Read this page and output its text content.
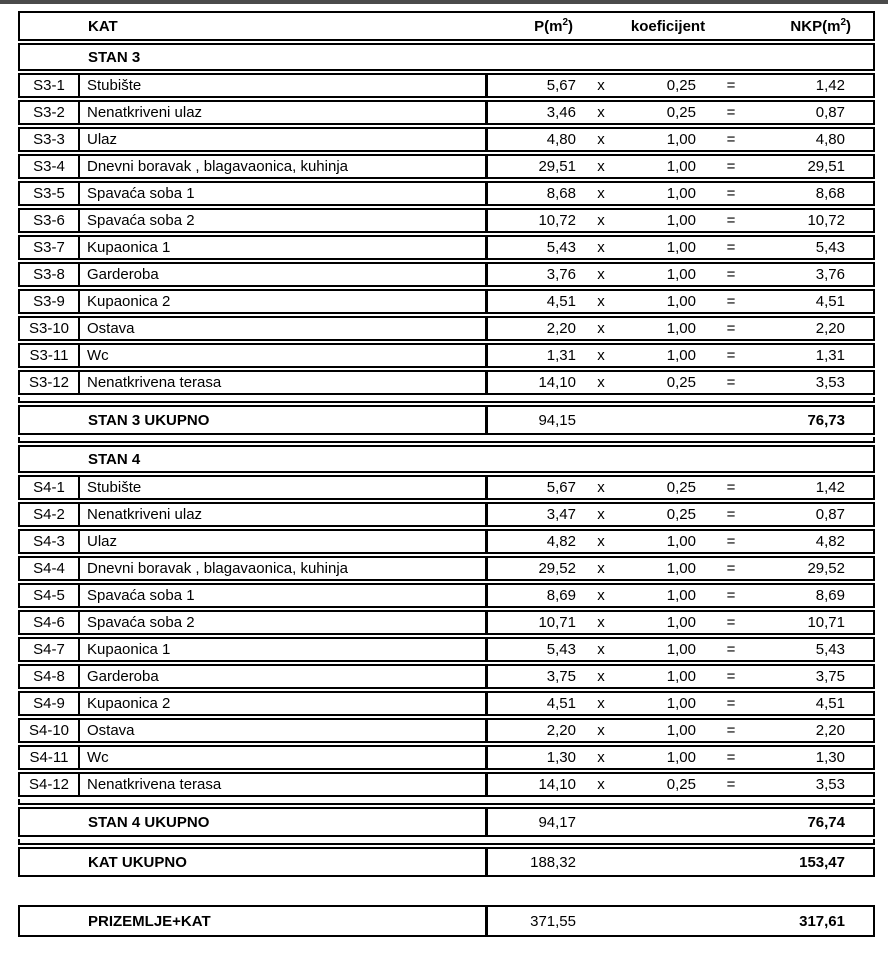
KAT	$P(m^2)$	koeficijent	$NKP(m^2)$
STAN 3
S3-1	Stubište	5,67	x	0,25	=	1,42
S3-2	Nenatkriveni ulaz	3,46	x	0,25	=	0,87
S3-3	Ulaz	4,80	x	1,00	=	4,80
S3-4	Dnevni boravak , blagavaonica, kuhinja	29,51	x	1,00	=	29,51
S3-5	Spavaća soba 1	8,68	x	1,00	=	8,68
S3-6	Spavaća soba 2	10,72	x	1,00	=	10,72
S3-7	Kupaonica 1	5,43	x	1,00	=	5,43
S3-8	Garderoba	3,76	x	1,00	=	3,76
S3-9	Kupaonica 2	4,51	x	1,00	=	4,51
S3-10	Ostava	2,20	x	1,00	=	2,20
S3-11	Wc	1,31	x	1,00	=	1,31
S3-12	Nenatkrivena terasa	14,10	x	0,25	=	3,53
STAN 3 UKUPNO	94,15	76,73
STAN 4
S4-1	Stubište	5,67	x	0,25	=	1,42
S4-2	Nenatkriveni ulaz	3,47	x	0,25	=	0,87
S4-3	Ulaz	4,82	x	1,00	=	4,82
S4-4	Dnevni boravak , blagavaonica, kuhinja	29,52	x	1,00	=	29,52
S4-5	Spavaća soba 1	8,69	x	1,00	=	8,69
S4-6	Spavaća soba 2	10,71	x	1,00	=	10,71
S4-7	Kupaonica 1	5,43	x	1,00	=	5,43
S4-8	Garderoba	3,75	x	1,00	=	3,75
S4-9	Kupaonica 2	4,51	x	1,00	=	4,51
S4-10	Ostava	2,20	x	1,00	=	2,20
S4-11	Wc	1,30	x	1,00	=	1,30
S4-12	Nenatkrivena terasa	14,10	x	0,25	=	3,53
STAN 4 UKUPNO	94,17	76,74
KAT UKUPNO	188,32	153,47
PRIZEMLJE+KAT	371,55	317,61
